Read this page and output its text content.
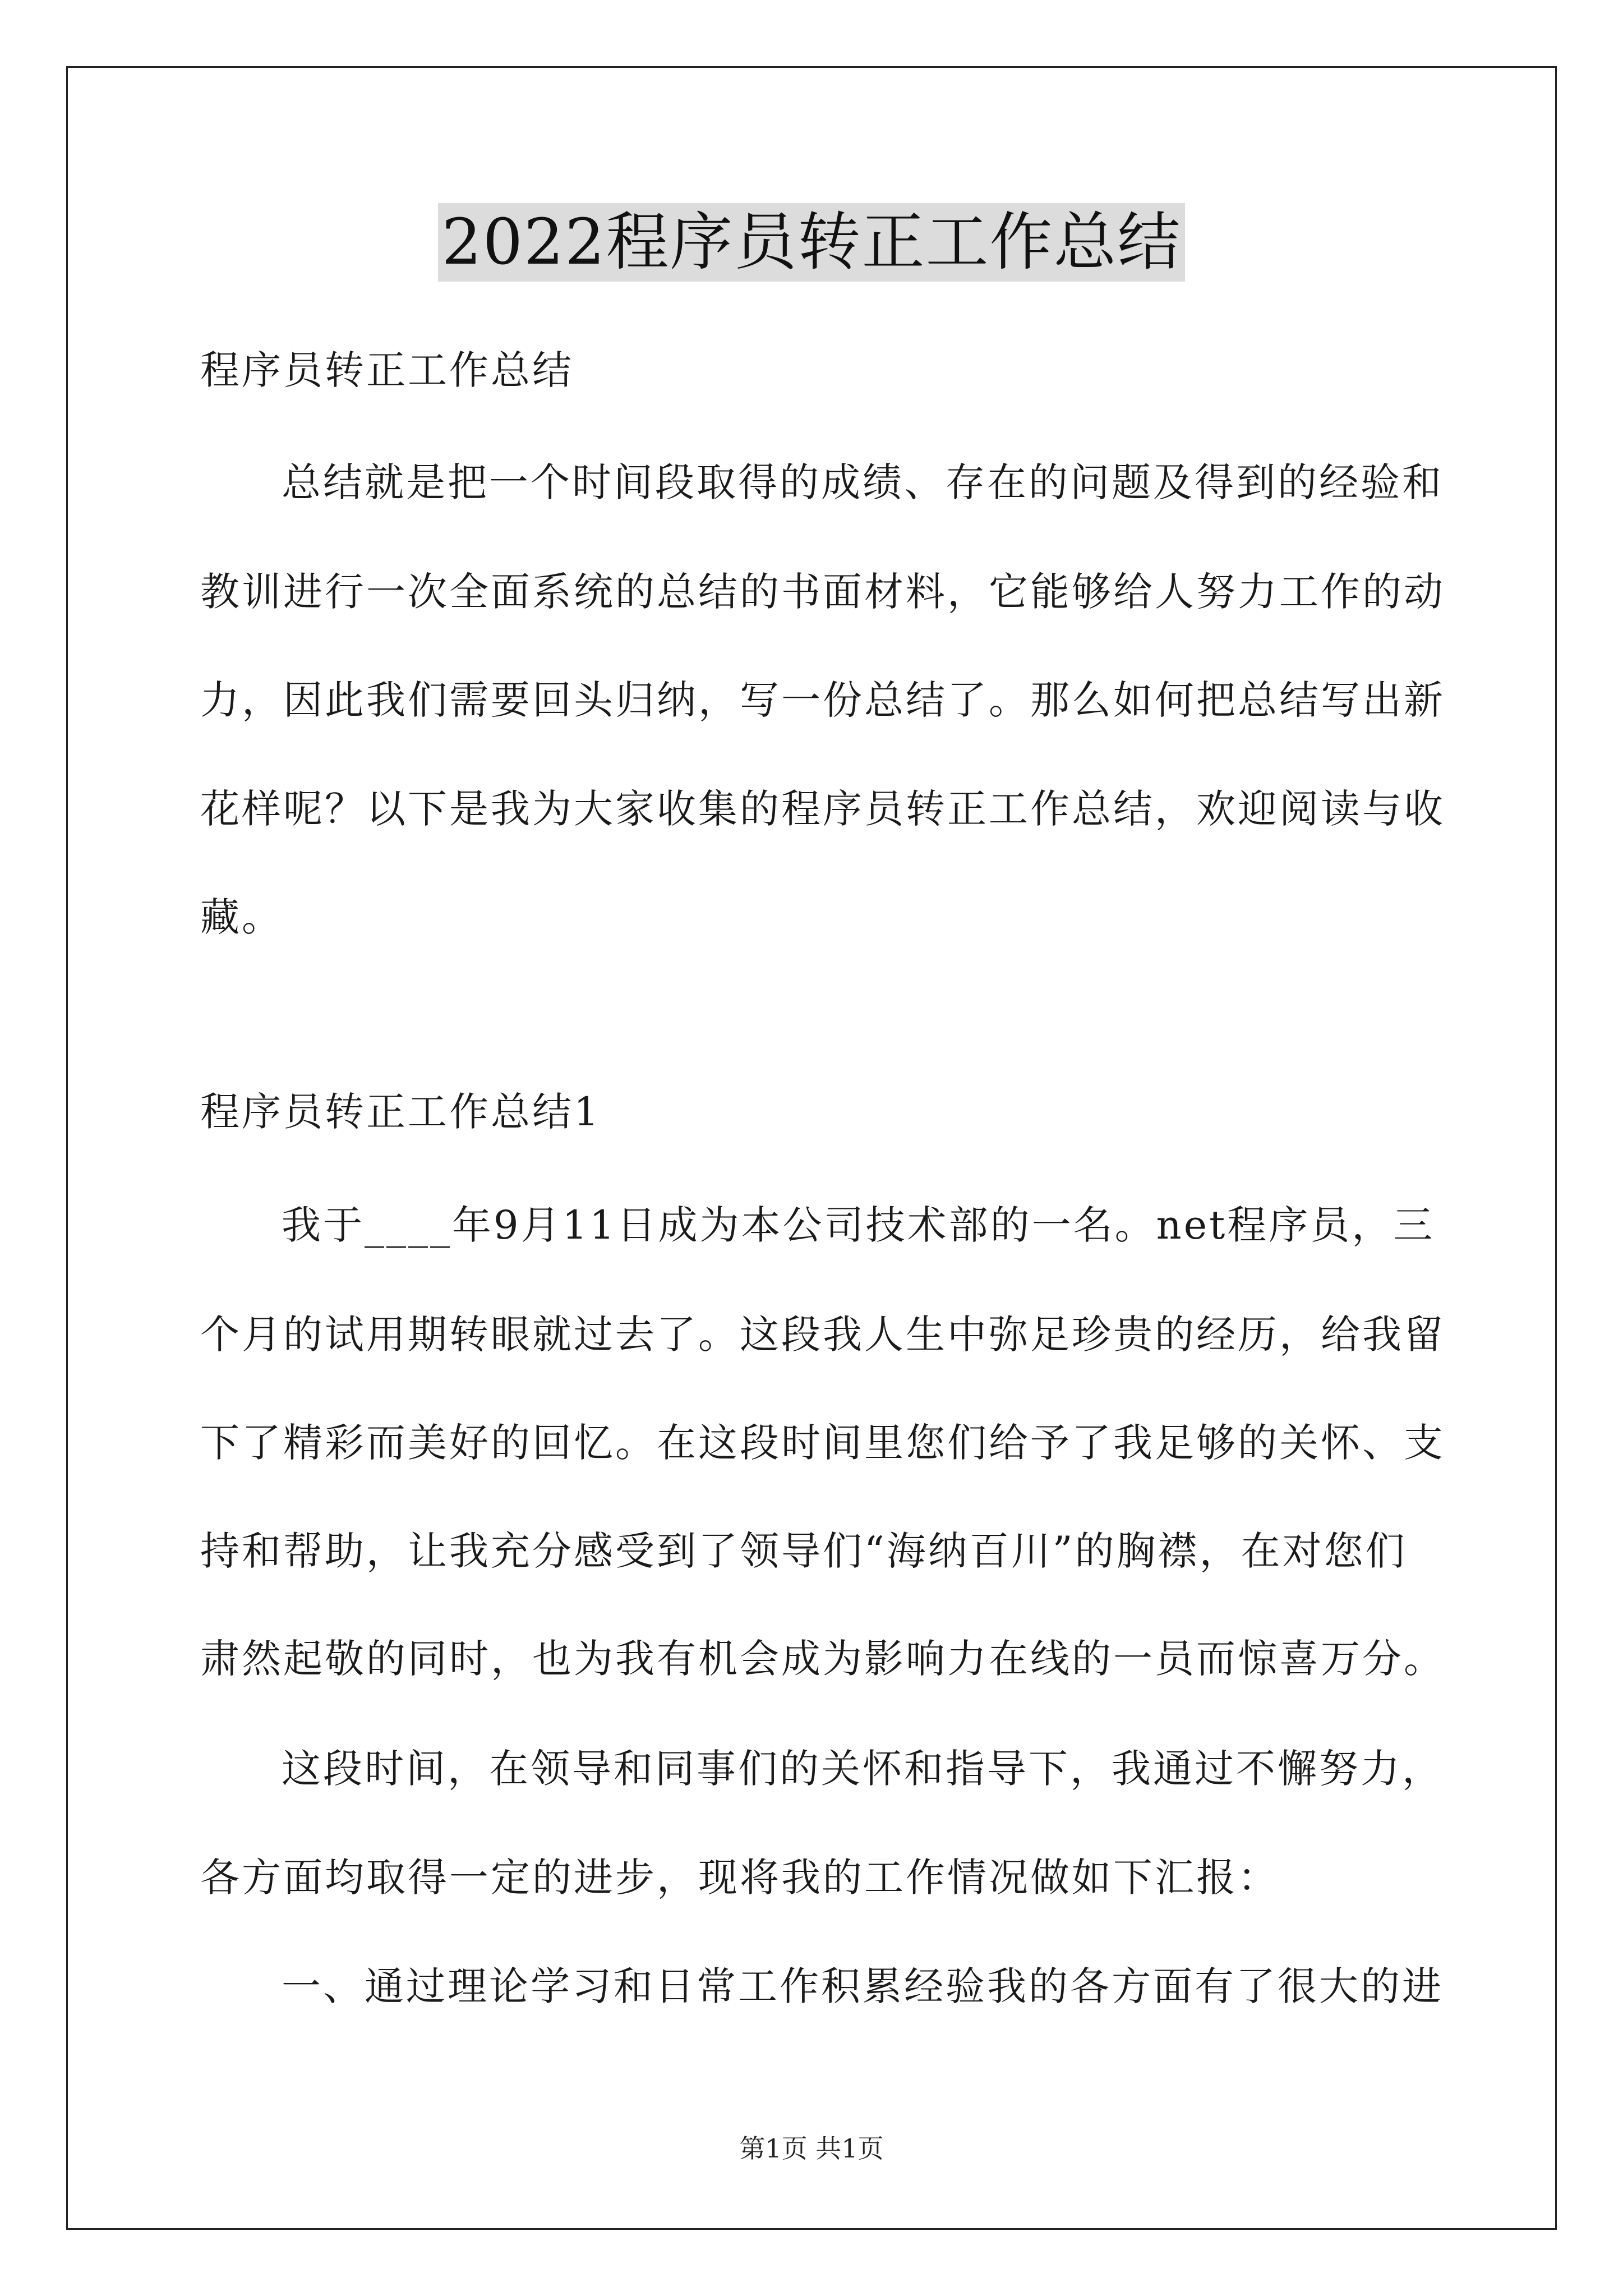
2022程序员转正工作总结
程序员转正工作总结
总结就是把一个时间段取得的成绩、存在的问题及得到的经验和
教训进行一次全面系统的总结的书面材料，它能够给人努力工作的动
力，因此我们需要回头归纳，写一份总结了。那么如何把总结写出新
花样呢？以下是我为大家收集的程序员转正工作总结，欢迎阅读与收
藏。
程序员转正工作总结1
我于____年9月11日成为本公司技术部的一名。net程序员，三
个月的试用期转眼就过去了。这段我人生中弥足珍贵的经历，给我留
下了精彩而美好的回忆。在这段时间里您们给予了我足够的关怀、支
持和帮助，让我充分感受到了领导们“海纳百川”的胸襟，在对您们
肃然起敬的同时，也为我有机会成为影响力在线的一员而惊喜万分。
这段时间，在领导和同事们的关怀和指导下，我通过不懈努力，
各方面均取得一定的进步，现将我的工作情况做如下汇报：
一、通过理论学习和日常工作积累经验我的各方面有了很大的进
第1页 共1页
